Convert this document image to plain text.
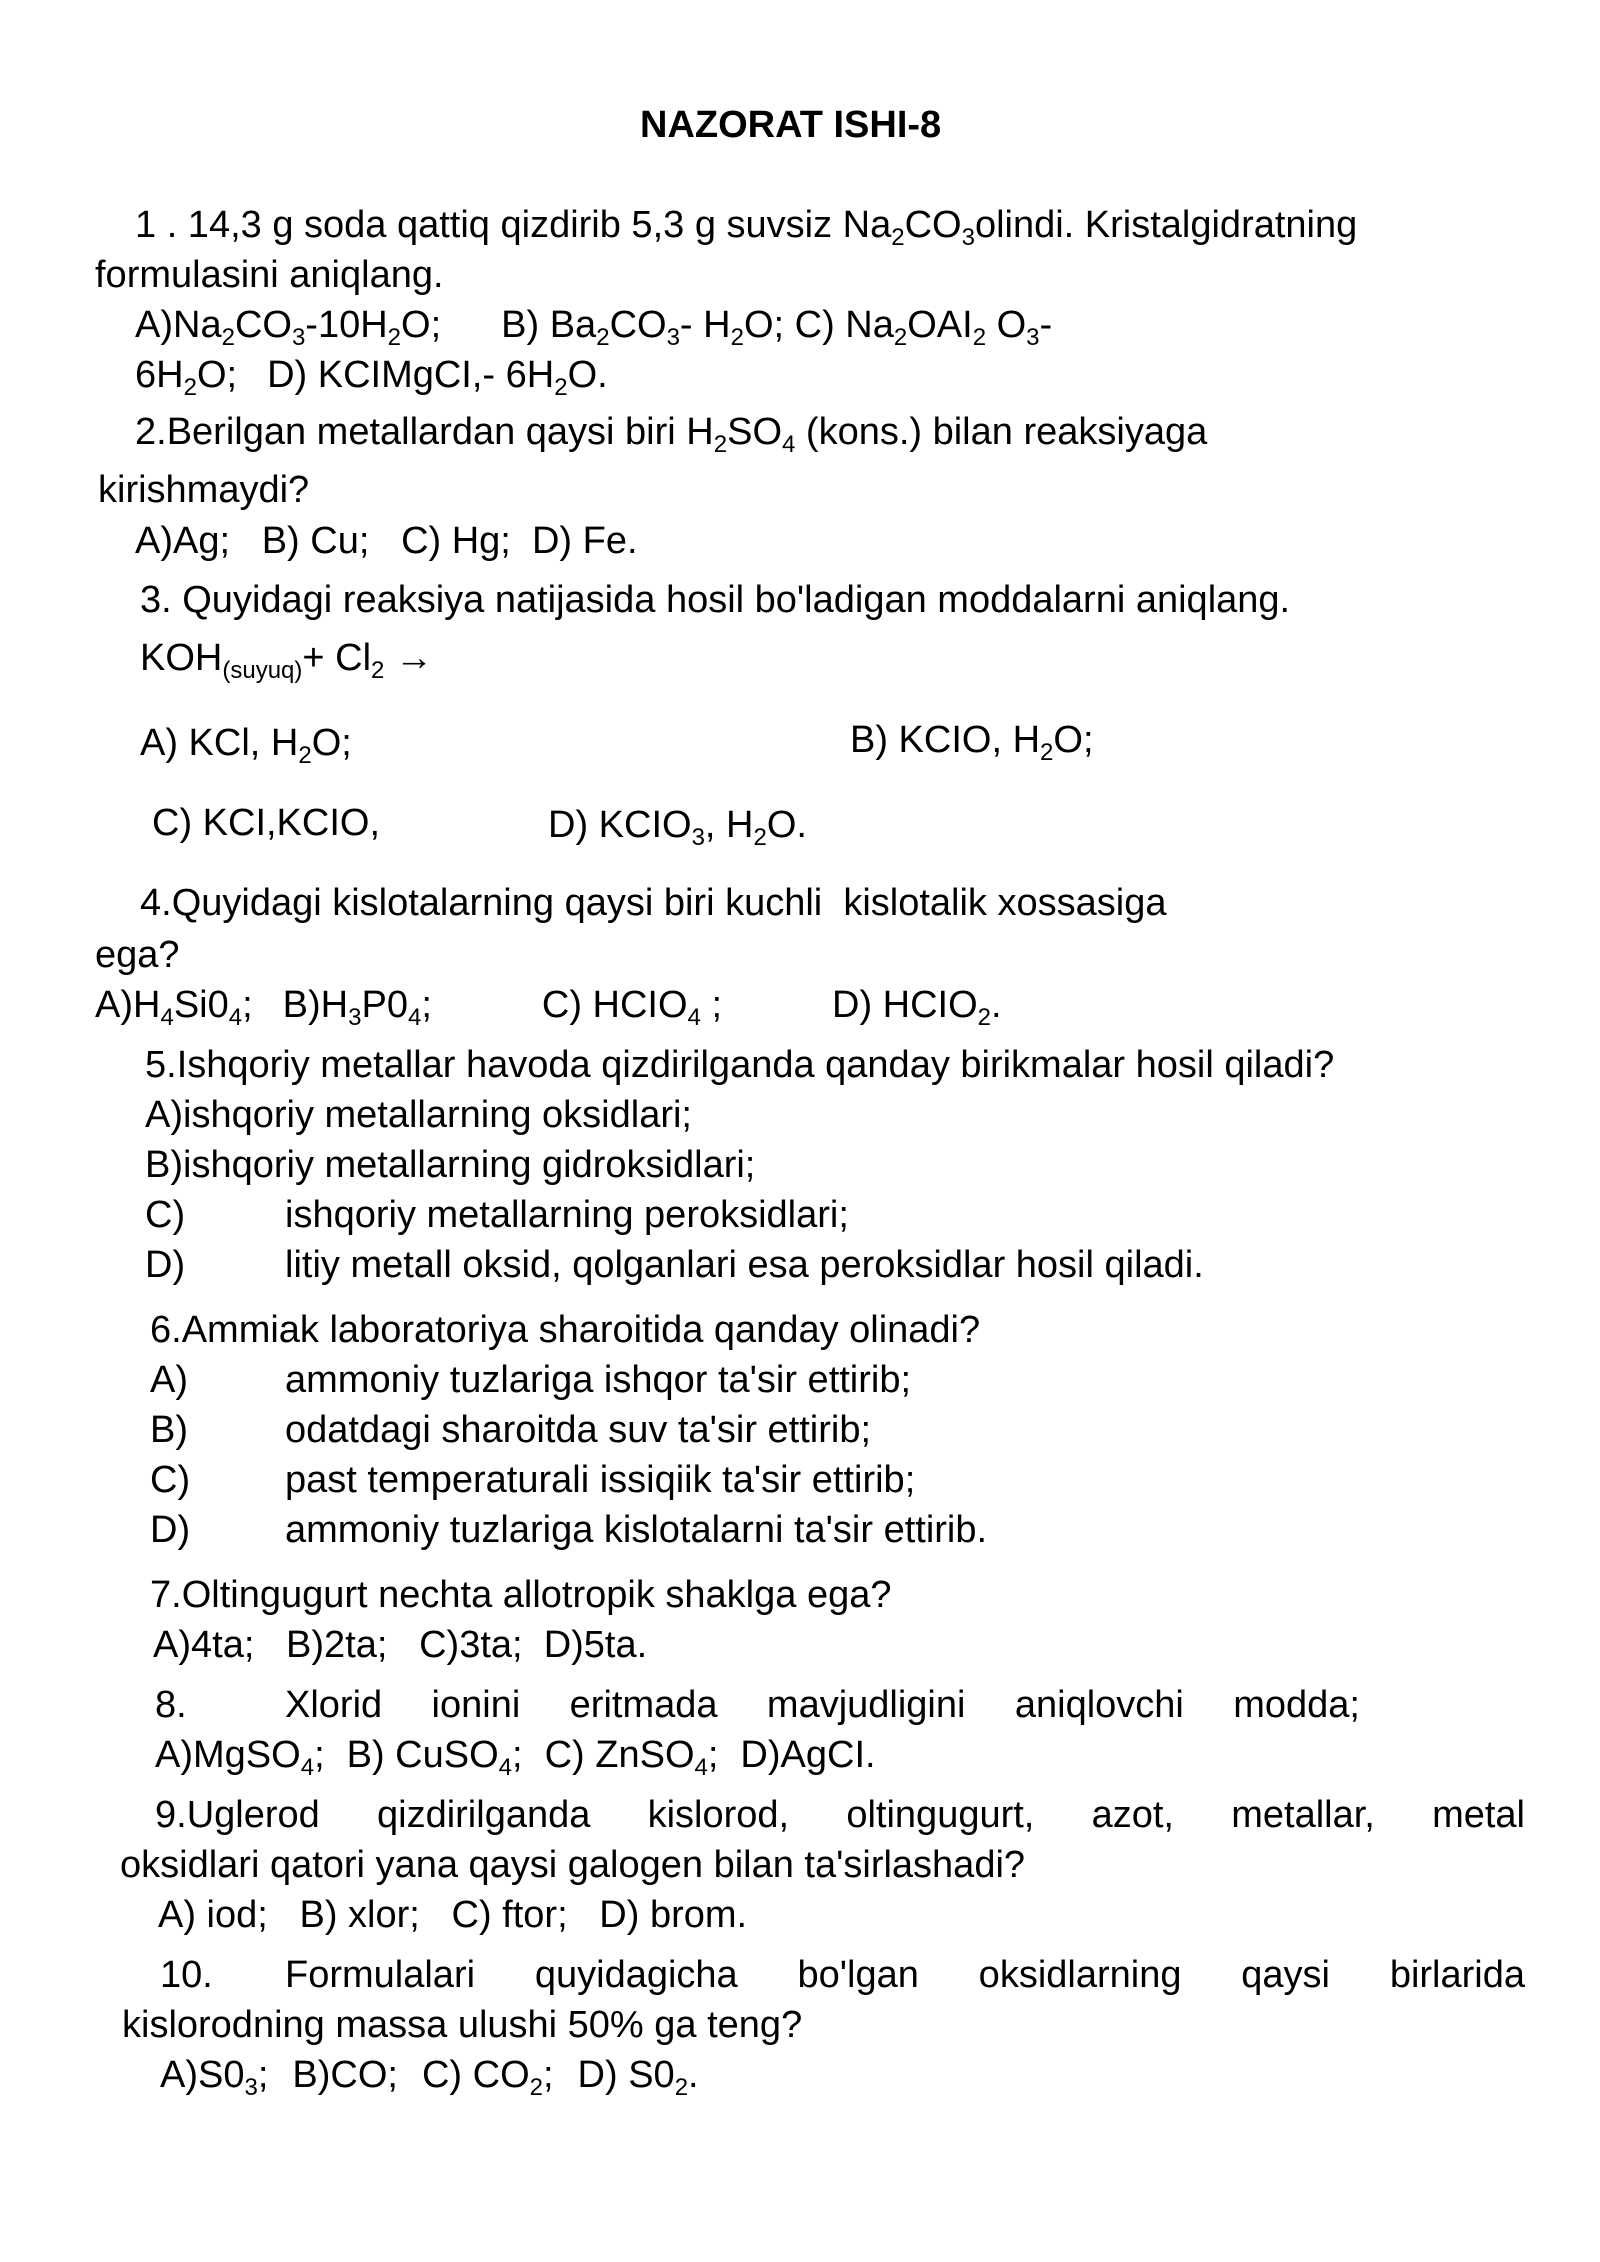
NAZORAT ISHI-8
1 . 14,3 g soda qattiq qizdirib 5,3 g suvsiz $Na_2CO_3olindi$. Kristalgidratning
formulasini aniqlang.
$A)Na_2CO_3-10H_2O$; B) $Ba_2CO_3-$ $H_2O$; C) $Na_2OAI_2$ $O_3-$
$6H_2O$; D) KCIMgCI,- $6H_2O$.
2.Berilgan metallardan qaysi biri $H_2SO_4$ (kons.) bilan reaksiyaga
kirishmaydi?
A)Ag;   B) Cu;   C) Hg;  D) Fe.
3. Quyidagi reaksiya natijasida hosil bo'ladigan moddalarni aniqlang.
$KOH_{(suyuq)}+ Cl_2$ →
A) KCl, $H_2O$;	B) KCIO, $H_2O$;
C) KCI,KCIO,	D) $KCIO_3$, $H_2O$.
4.Quyidagi kislotalarning qaysi biri kuchli  kislotalik xossasiga
ega?
$A)H_4Si0_4$; $B)H_3P0_4$;	C) $HCIO_4$ ;	D) $HCIO_2$.
5.Ishqoriy metallar havoda qizdirilganda qanday birikmalar hosil qiladi?
A)ishqoriy metallarning oksidlari;
B)ishqoriy metallarning gidroksidlari;
C)	ishqoriy metallarning peroksidlari;
D)	litiy metall oksid, qolganlari esa peroksidlar hosil qiladi.
6.Ammiak laboratoriya sharoitida qanday olinadi?
A)	ammoniy tuzlariga ishqor ta'sir ettirib;
B)	odatdagi sharoitda suv ta'sir ettirib;
C) past temperaturali issiqiik ta'sir ettirib;
D) ammoniy tuzlariga kislotalarni ta'sir ettirib.
7.Oltingugurt nechta allotropik shaklga ega?
A)4ta;   B)2ta;   C)3ta;  D)5ta.
8.	Xlorid ionini eritmada mavjudligini aniqlovchi modda;
A)MgSO$_4$; B) CuSO$_4$; C) ZnSO$_4$; D)AgCI.
9.Uglerod qizdirilganda kislorod, oltingugurt, azot, metallar, metal
oksidlari qatori yana qaysi galogen bilan ta'sirlashadi?
A) iod;   B) xlor;   C) ftor;   D) brom.
10. Formulalari quyidagicha bo'lgan oksidlarning qaysi birlarida
kislorodning massa ulushi 50% ga teng?
$A)S0_3$; B)CO; C) $CO_2$; D) $S0_2$.
